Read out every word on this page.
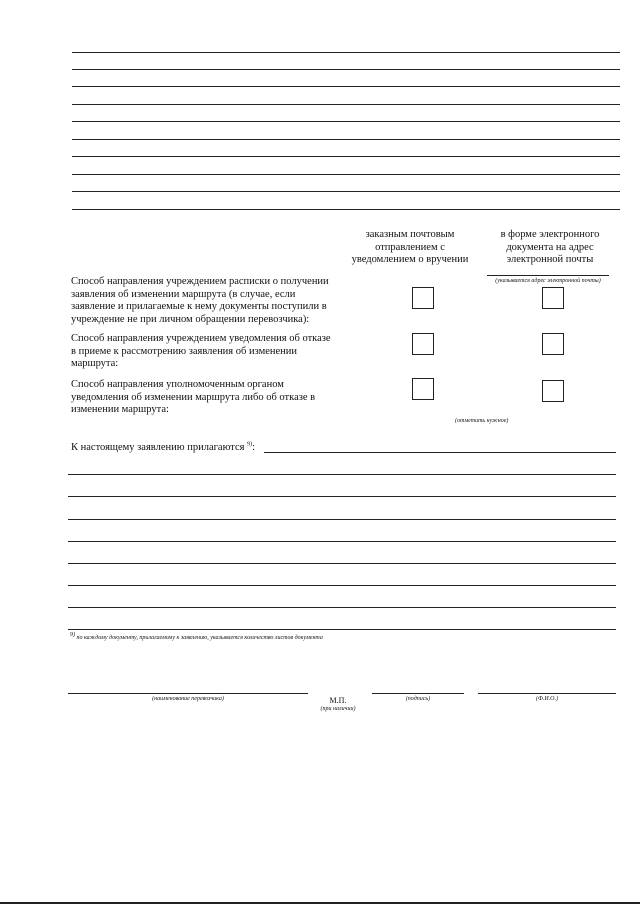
заказным почтовым
отправлением с
уведомлением о вручении
в форме электронного
документа на адрес
электронной почты
(указывается адрес электронной почты)
Способ направления учреждением расписки о получении
заявления об изменении маршрута (в случае, если
заявление и прилагаемые к нему документы поступили в
учреждение не при личном обращении перевозчика):
Способ направления учреждением уведомления об отказе
в приеме к рассмотрению заявления об изменении
маршрута:
Способ направления уполномоченным органом
уведомления об изменении маршрута либо об отказе в
изменении маршрута:
(отметить нужное)
К настоящему заявлению прилагаются $^{9)}$:
$^{9)}$ по каждому документу, прилагаемому к заявлению, указывается количество листов документа
(наименование перевозчика)	М.П.
(при наличии)
(подпись)	(Ф.И.О.)
